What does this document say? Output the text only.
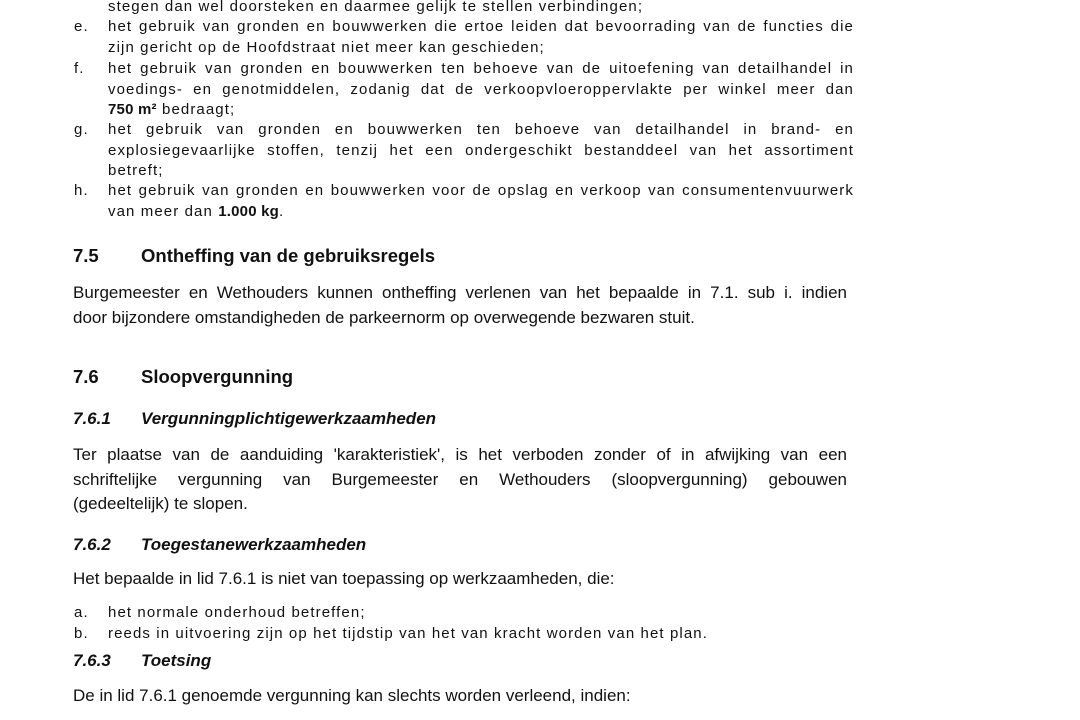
stegen dan wel doorsteken en daarmee gelijk te stellen verbindingen;
e.	het gebruik van gronden en bouwwerken die ertoe leiden dat bevoorrading van de functies die
zijn gericht op de Hoofdstraat niet meer kan geschieden;
f.	het gebruik van gronden en bouwwerken ten behoeve van de uitoefening van detailhandel in
voedings- en genotmiddelen, zodanig dat de verkoopvloeroppervlakte per winkel meer dan
750 m² bedraagt;
g.	het gebruik van gronden en bouwwerken ten behoeve van detailhandel in brand- en
explosiegevaarlijke stoffen, tenzij het een ondergeschikt bestanddeel van het assortiment
betreft;
h.	het gebruik van gronden en bouwwerken voor de opslag en verkoop van consumentenvuurwerk
van meer dan 1.000 kg.
7.5 Ontheffing van de gebruiksregels
Burgemeester en Wethouders kunnen ontheffing verlenen van het bepaalde in 7.1. sub i. indien
door bijzondere omstandigheden de parkeernorm op overwegende bezwaren stuit.
7.6 Sloopvergunning
7.6.1 Vergunningplichtigewerkzaamheden
Ter plaatse van de aanduiding 'karakteristiek', is het verboden zonder of in afwijking van een
schriftelijke vergunning van Burgemeester en Wethouders (sloopvergunning) gebouwen
(gedeeltelijk) te slopen.
7.6.2 Toegestanewerkzaamheden
Het bepaalde in lid 7.6.1 is niet van toepassing op werkzaamheden, die:
a.	het normale onderhoud betreffen;
b.	reeds in uitvoering zijn op het tijdstip van het van kracht worden van het plan.
7.6.3 Toetsing
De in lid 7.6.1 genoemde vergunning kan slechts worden verleend, indien:
